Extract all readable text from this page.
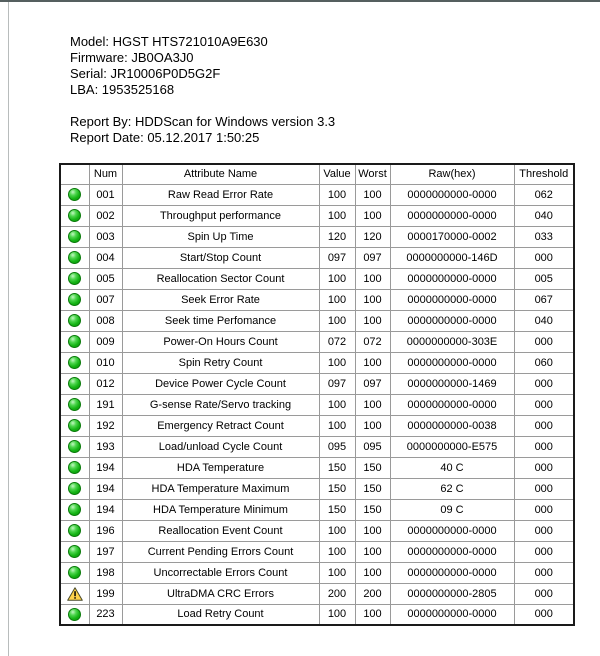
Model: HGST HTS721010A9E630
Firmware: JB0OA3J0
Serial: JR10006P0D5G2F
LBA: 1953525168
Report By: HDDScan for Windows version 3.3
Report Date: 05.12.2017 1:50:25
	Num	Attribute Name	Value	Worst	Raw(hex)	Threshold
	001	Raw Read Error Rate	100	100	0000000000-0000	062
	002	Throughput performance	100	100	0000000000-0000	040
	003	Spin Up Time	120	120	0000170000-0002	033
	004	Start/Stop Count	097	097	0000000000-146D	000
	005	Reallocation Sector Count	100	100	0000000000-0000	005
	007	Seek Error Rate	100	100	0000000000-0000	067
	008	Seek time Perfomance	100	100	0000000000-0000	040
	009	Power-On Hours Count	072	072	0000000000-303E	000
	010	Spin Retry Count	100	100	0000000000-0000	060
	012	Device Power Cycle Count	097	097	0000000000-1469	000
	191	G-sense Rate/Servo tracking	100	100	0000000000-0000	000
	192	Emergency Retract Count	100	100	0000000000-0038	000
	193	Load/unload Cycle Count	095	095	0000000000-E575	000
	194	HDA Temperature	150	150	40 C	000
	194	HDA Temperature Maximum	150	150	62 C	000
	194	HDA Temperature Minimum	150	150	09 C	000
	196	Reallocation Event Count	100	100	0000000000-0000	000
	197	Current Pending Errors Count	100	100	0000000000-0000	000
	198	Uncorrectable Errors Count	100	100	0000000000-0000	000
	199	UltraDMA CRC Errors	200	200	0000000000-2805	000
	223	Load Retry Count	100	100	0000000000-0000	000
